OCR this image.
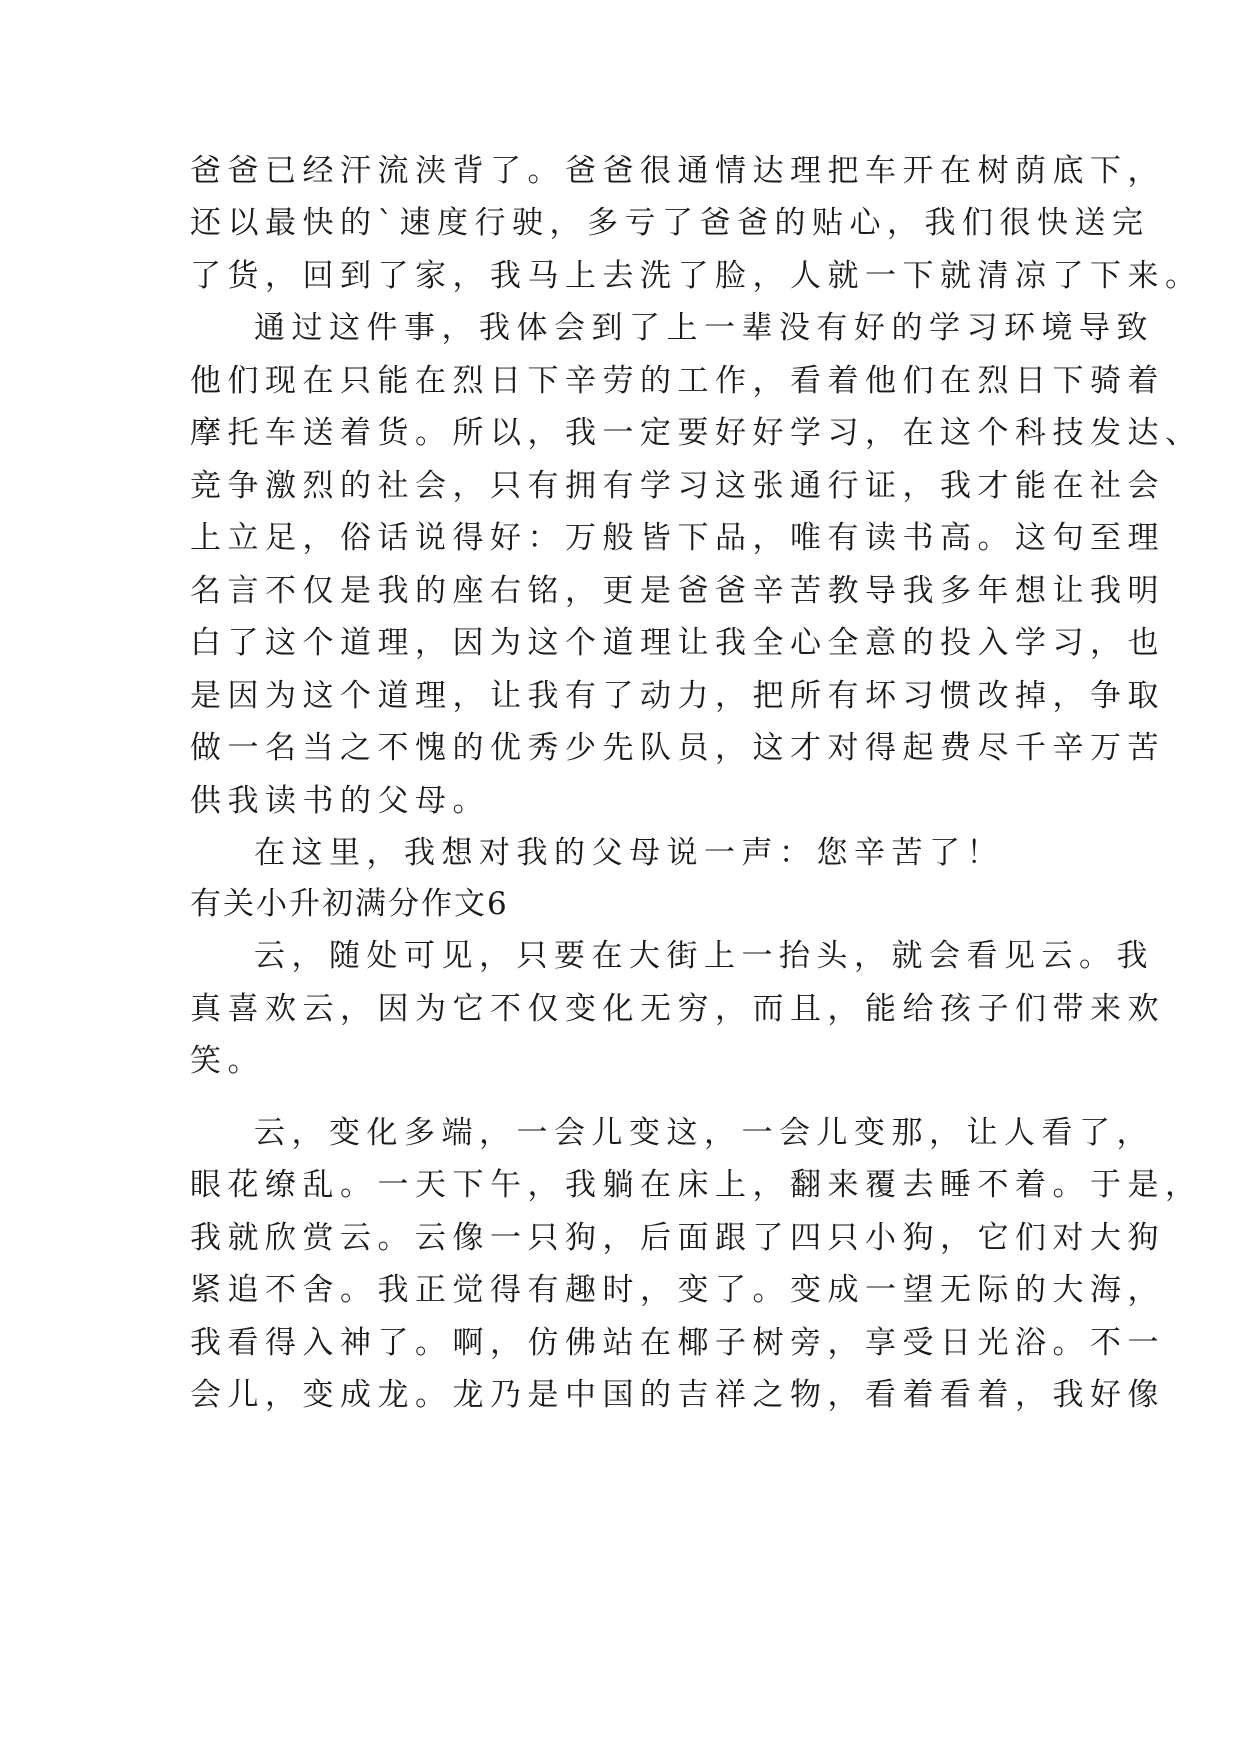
爸爸已经汗流浃背了。爸爸很通情达理把车开在树荫底下，
还以最快的`速度行驶，多亏了爸爸的贴心，我们很快送完
了货，回到了家，我马上去洗了脸，人就一下就清凉了下来。
通过这件事，我体会到了上一辈没有好的学习环境导致
他们现在只能在烈日下辛劳的工作，看着他们在烈日下骑着
摩托车送着货。所以，我一定要好好学习，在这个科技发达、
竞争激烈的社会，只有拥有学习这张通行证，我才能在社会
上立足，俗话说得好：万般皆下品，唯有读书高。这句至理
名言不仅是我的座右铭，更是爸爸辛苦教导我多年想让我明
白了这个道理，因为这个道理让我全心全意的投入学习，也
是因为这个道理，让我有了动力，把所有坏习惯改掉，争取
做一名当之不愧的优秀少先队员，这才对得起费尽千辛万苦
供我读书的父母。
在这里，我想对我的父母说一声：您辛苦了！
有关小升初满分作文6
云，随处可见，只要在大街上一抬头，就会看见云。我
真喜欢云，因为它不仅变化无穷，而且，能给孩子们带来欢
笑。
云，变化多端，一会儿变这，一会儿变那，让人看了，
眼花缭乱。一天下午，我躺在床上，翻来覆去睡不着。于是，
我就欣赏云。云像一只狗，后面跟了四只小狗，它们对大狗
紧追不舍。我正觉得有趣时，变了。变成一望无际的大海，
我看得入神了。啊，仿佛站在椰子树旁，享受日光浴。不一
会儿，变成龙。龙乃是中国的吉祥之物，看着看着，我好像
